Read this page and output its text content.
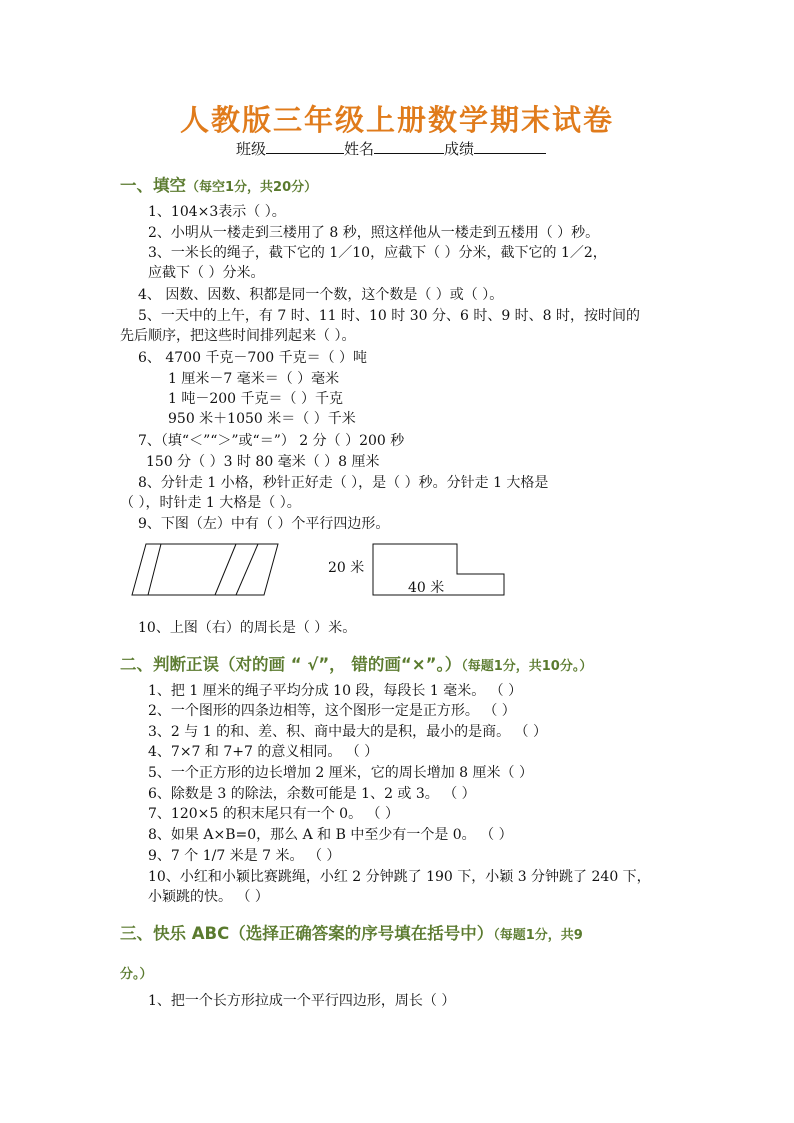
人教版三年级上册数学期末试卷
班级	姓名	成绩
一、填空（每空1分，共20分）
1、104×3表示（ ）。
2、小明从一楼走到三楼用了 8 秒，照这样他从一楼走到五楼用（ ）秒。
3、一米长的绳子，截下它的 1／10，应截下（ ）分米，截下它的 1／2，
应截下（ ）分米。
4、 因数、因数、积都是同一个数，这个数是（ ）或（ ）。
5、一天中的上午，有 7 时、11 时、10 时 30 分、6 时、9 时、8 时，按时间的
先后顺序，把这些时间排列起来（ ）。
6、 4700 千克－700 千克＝（ ）吨
1 厘米－7 毫米＝（ ）毫米
1 吨－200 千克＝（ ）千克
950 米＋1050 米＝（ ）千米
7、（填“＜”“＞”或“＝”） 2 分（ ）200 秒
150 分（ ）3 时 80 毫米（ ）8 厘米
8、分针走 1 小格，秒针正好走（ ），是（ ）秒。分针走 1 大格是
（ ），时针走 1 大格是（ ）。
9、下图（左）中有（ ）个平行四边形。
20 米
40 米
10、上图（右）的周长是（ ）米。
二、判断正误（对的画 “ √”， 错的画“×”。）（每题1分，共10分。）
1、把 1 厘米的绳子平均分成 10 段，每段长 1 毫米。 （ ）
2、一个图形的四条边相等，这个图形一定是正方形。 （ ）
3、2 与 1 的和、差、积、商中最大的是积，最小的是商。 （ ）
4、7×7 和 7+7 的意义相同。 （ ）
5、一个正方形的边长增加 2 厘米，它的周长增加 8 厘米（ ）
6、除数是 3 的除法，余数可能是 1、2 或 3。 （ ）
7、120×5 的积末尾只有一个 0。 （ ）
8、如果 A×B=0，那么 A 和 B 中至少有一个是 0。 （ ）
9、7 个 1/7 米是 7 米。 （ ）
10、小红和小颖比赛跳绳，小红 2 分钟跳了 190 下，小颖 3 分钟跳了 240 下，
小颖跳的快。 （ ）
三、快乐 ABC（选择正确答案的序号填在括号中）（每题1分，共9
分。）
1、把一个长方形拉成一个平行四边形，周长（ ）
